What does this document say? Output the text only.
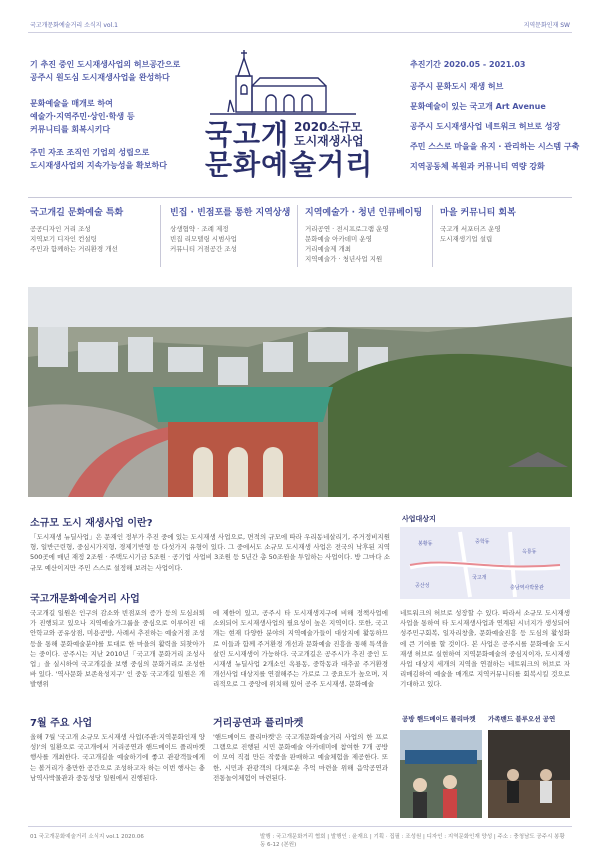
국고개문화예술거리 소식지 vol.1	지역문화인재 SW
기 추진 중인 도시재생사업의 허브공간으로
공주시 원도심 도시재생사업을 완성하다
문화예술을 매개로 하여
예술가·지역주민·상인·학생 등
커뮤니티를 회복시키다
주민 자조 조직인 기업의 성립으로
도시재생사업의 지속가능성을 확보하다
국고개
문화예술거리
2020소규모
도시재생사업
추진기간 2020.05 - 2021.03
공주시 문화도시 재생 허브
문화예술이 있는 국고개 Art Avenue
공주시 도시재생사업 네트워크 허브로 성장
주민 스스로 마을을 유지 · 관리하는 시스템 구축
지역공동체 복원과 커뮤니티 역량 강화
국고개길 문화예술 특화
공공디자인 거리 조성
지역보기 디자인 컨설팅
주민과 함께하는 거리환경 개선
빈집 · 빈점포를 통한 지역상생
상생협약 · 조례 제정
빈집 리모델링 시범사업
커뮤니티 거점공간 조성
지역예술가 · 청년 인큐베이팅
거리공연 · 전시프로그램 운영
문화예술 아카데미 운영
거리예술제 개최
지역예술가 · 청년사업 지원
마을 커뮤니티 회복
국고개 서포터즈 운영
도시재생기업 설립
소규모 도시 재생사업 이란?
「도시재생 뉴딜사업」은 문재인 정부가 추진 중에 있는 도시재생 사업으로, 면적의 규모에 따라 우리동네살리기, 주거정비지원형, 일반근린형, 중심시가지형, 경제기반형 등 다섯가지 유형이 있다. 그 중에서도 소규모 도시재생 사업은 전국의 낙후된 지역 500곳에 매년 재정 2조원 · 주택도시기금 5조원 · 공기업 사업비 3조원 등 5년간 총 50조원을 투입하는 사업이다. 방 그마다 소규모 예산이지만 주민 스스로 설정해 보려는 사업이다.
사업대상지
봉황동	중학동
옥룡동
국고개
공산성	충남역사박물관
국고개문화예술거리 사업
국고개길 일원은 인구의 감소와 빈점포의 증가 등의 도심쇠퇴가 진행되고 있으나 지역예술가그룹을 중심으로 이루어진 대안학교와 공유상점, 미용공방, 사례서 추진하는 예술거점 조성 등을 통해 문화예술분야를 토대로 한 마을의 활력을 되찾아가는 중이다. 공주시는 지난 2010년「국고개 문화거리 조성사업」을 실시하여 국고개길을 보행 중심의 문화거리로 조성한 바 있다. '역사문화 보존육성지구' 인 중동 국고개길 일원은 개발행위
에 제한이 있고, 공주시 타 도시재생지구에 비해 정책사업에 소외되어 도시재생사업의 필요성이 높은 지역이다. 또한, 국고개는 현재 다양한 분야의 지역예술가들이 대상지에 활동하므로 이들과 함께 주거환경 개선과 문화예술 진흥을 통해 특색을 살린 도시재생이 가능하다. 국고개길은 공주시가 추진 중인 도시재생 뉴딜사업 2개소인 옥룡동, 중학동과 대추골 주거환경개선사업 대상지를 연결해주는 가로로 그 중요도가 높으며, 지리적으로 그 중앙에 위치해 있어 공주 도시재생, 문화예술
네트워크의 허브로 성장할 수 있다. 따라서 소규모 도시재생 사업을 통하여 타 도시재생사업과 연계된 시너지가 생성되어 성주민구회복, 일자리창출, 문화예술진흥 등 도심의 활성화에 큰 기여를 할 것이다. 본 사업은 공주시를 문화예술 도시재생 허브로 실현하여 지역문화예술의 중심지이자, 도시재생사업 대상지 세개의 지역을 연결하는 네트워크의 허브로 자리매김하여 예술을 매개로 지역커뮤니티를 회복시킬 것으로 기대하고 있다.
7월 주요 사업
올해 7월 '국고개 소규모 도시재생 사업(주관:지역문화인재 양성)'의 일환으로 국고개에서 거리공연과 핸드메이드 플리마켓 행사를 개최한다. 국고개길을 예술하기에 좋고 관광객들에게는 볼거리가 충만한 공간으로 조성하고자 하는 이번 행사는 충남역사박물관과 중동성당 일원에서 진행된다.
거리공연과 플리마켓
'핸드메이드 플리마켓'은 국고개문화예술거리 사업의 한 프로그램으로 진행된 시민 문화예술 아카데미에 참여한 7개 공방이 모여 직접 만든 작품을 판매하고 예술체험을 제공한다. 또한, 시민과 관광객의 다채로운 추억 마련을 위해 음악공연과 전통놀이체험이 마련된다.
공방 핸드메이드 플리마켓 가족밴드 블루오션 공연
01 국고개문화예술거리 소식지 vol.1 2020.06	발행 : 국고개문화거리 협회 | 발행인 : 윤재요 | 기획 · 집필 : 조성원 | 디자인 : 지역문화인재 양성 | 주소 : 충청남도 공주시 봉황동 6-12 (본원)
